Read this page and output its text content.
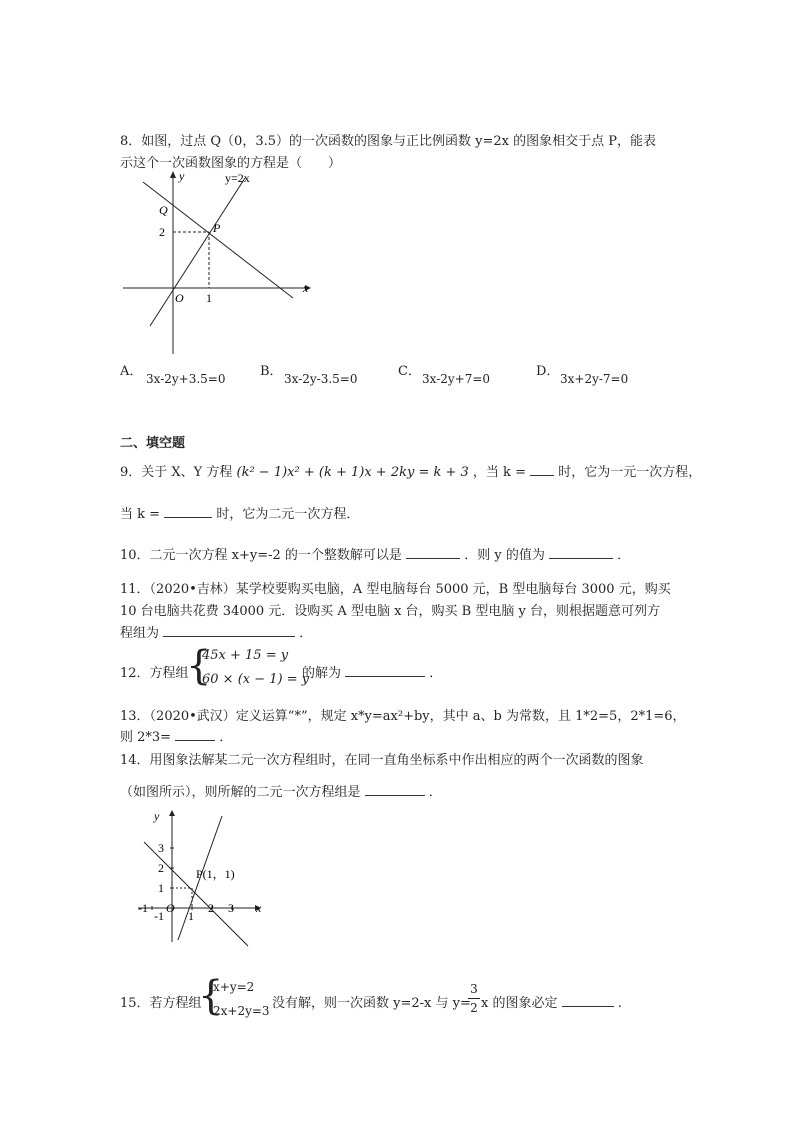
8．如图，过点 Q（0，3.5）的一次函数的图象与正比例函数 y=2x 的图象相交于点 P，能表
示这个一次函数图象的方程是（　　）
y
x
y=2x
Q
P
2
1
O
A． 3x-2y+3.5=0	B． 3x-2y-3.5=0	C． 3x-2y+7=0	D． 3x+2y-7=0
二、填空题
9．关于 X、Y 方程 (k² − 1)x² + (k + 1)x + 2ky = k + 3 ，当 k = 时，它为一元一次方程，
当 k =	时，它为二元一次方程．
10．二元一次方程 x+y=-2 的一个整数解可以是	．则 y 的值为	．
11．（2020•吉林）某学校要购买电脑，A 型电脑每台 5000 元，B 型电脑每台 3000 元，购买
10 台电脑共花费 34000 元．设购买 A 型电脑 x 台，购买 B 型电脑 y 台，则根据题意可列方
程组为	．
12．方程组
{
45x + 15 = y
60 × (x − 1) = y
的解为	．
13．（2020•武汉）定义运算“*”，规定 x*y=ax²+by，其中 a、b 为常数，且 1*2=5，2*1=6，
则 2*3=	．
14．用图象法解某二元一次方程组时，在同一直角坐标系中作出相应的两个一次函数的图象
（如图所示），则所解的二元一次方程组是	．
y
x
3
2
1
-1
-1
1
2 3
O
P(1，1)
15．若方程组
{
x+y=2
2x+2y=3 没有解，则一次函数 y=2-x 与 y=
3
2 x 的图象必定	.
